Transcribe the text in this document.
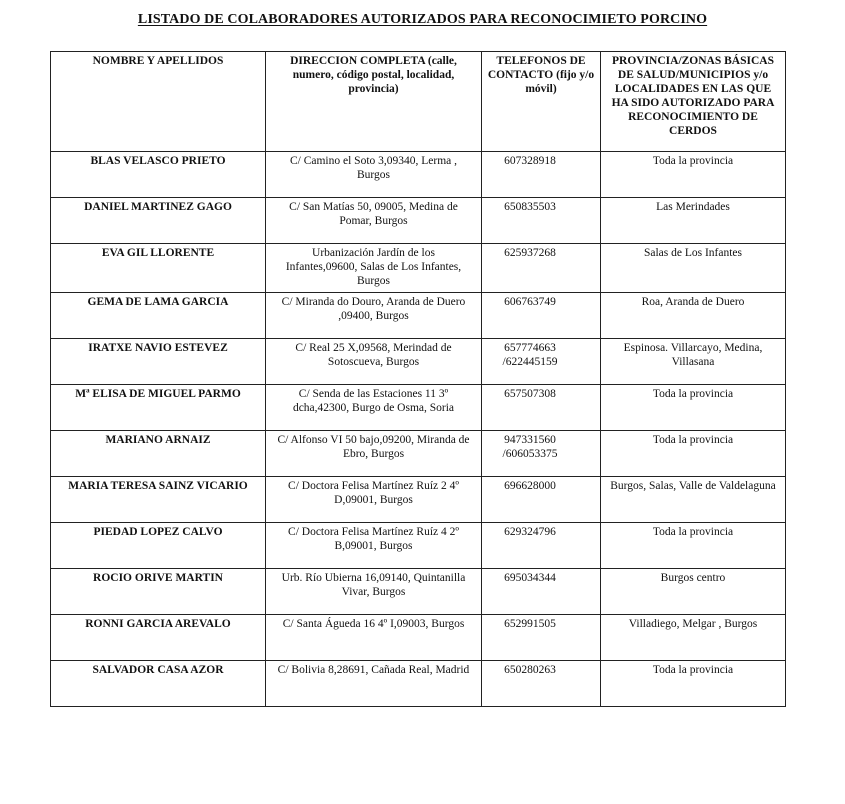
LISTADO DE COLABORADORES AUTORIZADOS PARA RECONOCIMIETO PORCINO
NOMBRE Y APELLIDOS	DIRECCION COMPLETA (calle, numero, código postal, localidad, provincia)	TELEFONOS DE CONTACTO (fijo y/o móvil)	PROVINCIA/ZONAS BÁSICAS DE SALUD/MUNICIPIOS y/o LOCALIDADES EN LAS QUE HA SIDO AUTORIZADO PARA RECONOCIMIENTO DE CERDOS
BLAS VELASCO PRIETO	C/ Camino el Soto 3,09340, Lerma , Burgos	607328918	Toda la provincia
DANIEL MARTINEZ GAGO	C/ San Matías 50, 09005, Medina de Pomar, Burgos	650835503	Las Merindades
EVA GIL LLORENTE	Urbanización Jardín de los Infantes,09600, Salas de Los Infantes, Burgos	625937268	Salas de Los Infantes
GEMA DE LAMA GARCIA	C/ Miranda do Douro, Aranda de Duero ,09400, Burgos	606763749	Roa, Aranda de Duero
IRATXE NAVIO ESTEVEZ	C/ Real 25 X,09568, Merindad de Sotoscueva, Burgos	657774663 /622445159	Espinosa. Villarcayo, Medina, Villasana
Mª ELISA DE MIGUEL PARMO	C/ Senda de las Estaciones 11 3º dcha,42300, Burgo de Osma, Soria	657507308	Toda la provincia
MARIANO ARNAIZ	C/ Alfonso VI 50 bajo,09200, Miranda de Ebro, Burgos	947331560 /606053375	Toda la provincia
MARIA TERESA SAINZ VICARIO	C/ Doctora Felisa Martínez Ruíz 2 4º D,09001, Burgos	696628000	Burgos, Salas, Valle de Valdelaguna
PIEDAD LOPEZ CALVO	C/ Doctora Felisa Martínez Ruíz 4 2º B,09001, Burgos	629324796	Toda la provincia
ROCIO ORIVE MARTIN	Urb. Río Ubierna 16,09140, Quintanilla Vivar, Burgos	695034344	Burgos centro
RONNI GARCIA AREVALO	C/ Santa Águeda 16 4º I,09003, Burgos	652991505	Villadiego, Melgar , Burgos
SALVADOR CASA AZOR	C/ Bolivia 8,28691, Cañada Real, Madrid	650280263	Toda la provincia
